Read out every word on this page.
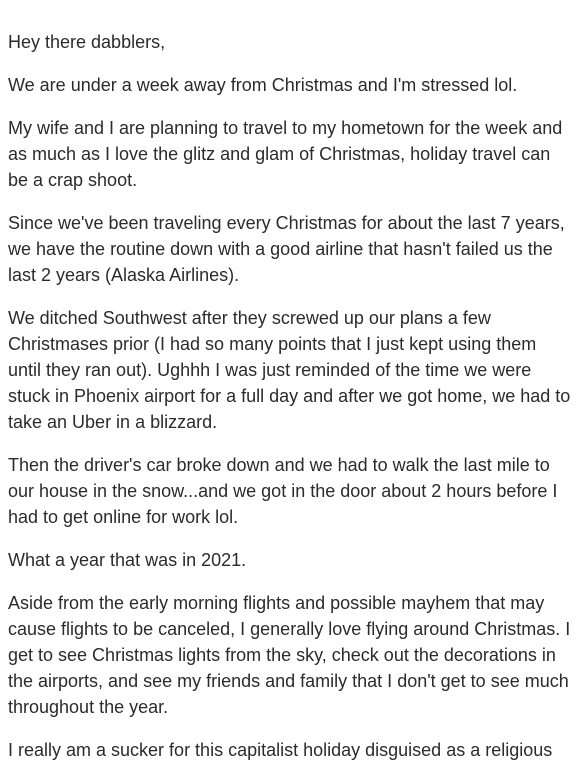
Hey there dabblers,

We are under a week away from Christmas and I'm stressed lol.

My wife and I are planning to travel to my hometown for the week and as much as I love the glitz and glam of Christmas, holiday travel can be a crap shoot.

Since we've been traveling every Christmas for about the last 7 years, we have the routine down with a good airline that hasn't failed us the last 2 years (Alaska Airlines).

We ditched Southwest after they screwed up our plans a few Christmases prior (I had so many points that I just kept using them until they ran out). Ughhh I was just reminded of the time we were stuck in Phoenix airport for a full day and after we got home, we had to take an Uber in a blizzard.

Then the driver's car broke down and we had to walk the last mile to our house in the snow...and we got in the door about 2 hours before I had to get online for work lol.

What a year that was in 2021.

Aside from the early morning flights and possible mayhem that may cause flights to be canceled, I generally love flying around Christmas. I get to see Christmas lights from the sky, check out the decorations in the airports, and see my friends and family that I don't get to see much throughout the year.

I really am a sucker for this capitalist holiday disguised as a religious
